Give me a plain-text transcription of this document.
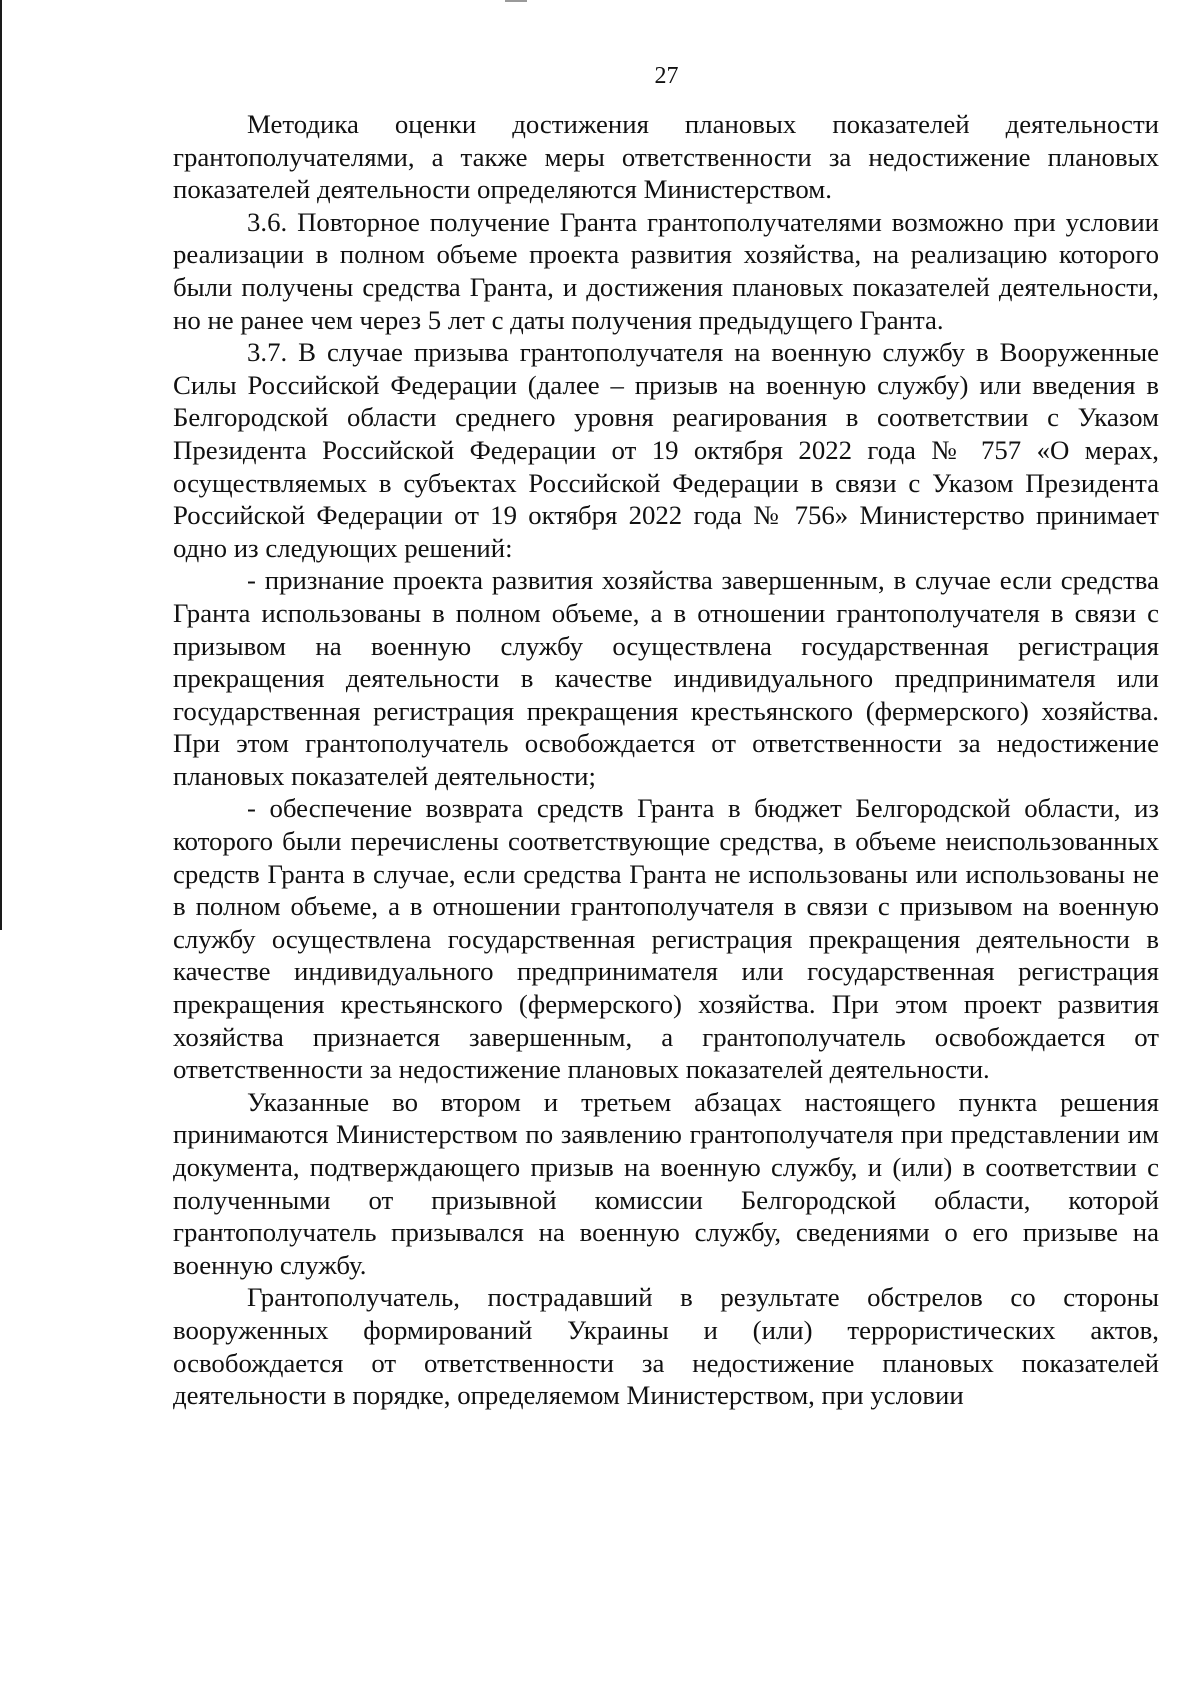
27

Методика оценки достижения плановых показателей деятельности грантополучателями, а также меры ответственности за недостижение плановых показателей деятельности определяются Министерством.

3.6. Повторное получение Гранта грантополучателями возможно при условии реализации в полном объеме проекта развития хозяйства, на реализацию которого были получены средства Гранта, и достижения плановых показателей деятельности, но не ранее чем через 5 лет с даты получения предыдущего Гранта.

3.7. В случае призыва грантополучателя на военную службу в Вооруженные Силы Российской Федерации (далее – призыв на военную службу) или введения в Белгородской области среднего уровня реагирования в соответствии с Указом Президента Российской Федерации от 19 октября 2022 года № 757 «О мерах, осуществляемых в субъектах Российской Федерации в связи с Указом Президента Российской Федерации от 19 октября 2022 года № 756» Министерство принимает одно из следующих решений:

- признание проекта развития хозяйства завершенным, в случае если средства Гранта использованы в полном объеме, а в отношении грантополучателя в связи с призывом на военную службу осуществлена государственная регистрация прекращения деятельности в качестве индивидуального предпринимателя или государственная регистрация прекращения крестьянского (фермерского) хозяйства. При этом грантополучатель освобождается от ответственности за недостижение плановых показателей деятельности;

- обеспечение возврата средств Гранта в бюджет Белгородской области, из которого были перечислены соответствующие средства, в объеме неиспользованных средств Гранта в случае, если средства Гранта не использованы или использованы не в полном объеме, а в отношении грантополучателя в связи с призывом на военную службу осуществлена государственная регистрация прекращения деятельности в качестве индивидуального предпринимателя или государственная регистрация прекращения крестьянского (фермерского) хозяйства. При этом проект развития хозяйства признается завершенным, а грантополучатель освобождается от ответственности за недостижение плановых показателей деятельности.

Указанные во втором и третьем абзацах настоящего пункта решения принимаются Министерством по заявлению грантополучателя при представлении им документа, подтверждающего призыв на военную службу, и (или) в соответствии с полученными от призывной комиссии Белгородской области, которой грантополучатель призывался на военную службу, сведениями о его призыве на военную службу.

Грантополучатель, пострадавший в результате обстрелов со стороны вооруженных формирований Украины и (или) террористических актов, освобождается от ответственности за недостижение плановых показателей деятельности в порядке, определяемом Министерством, при условии
